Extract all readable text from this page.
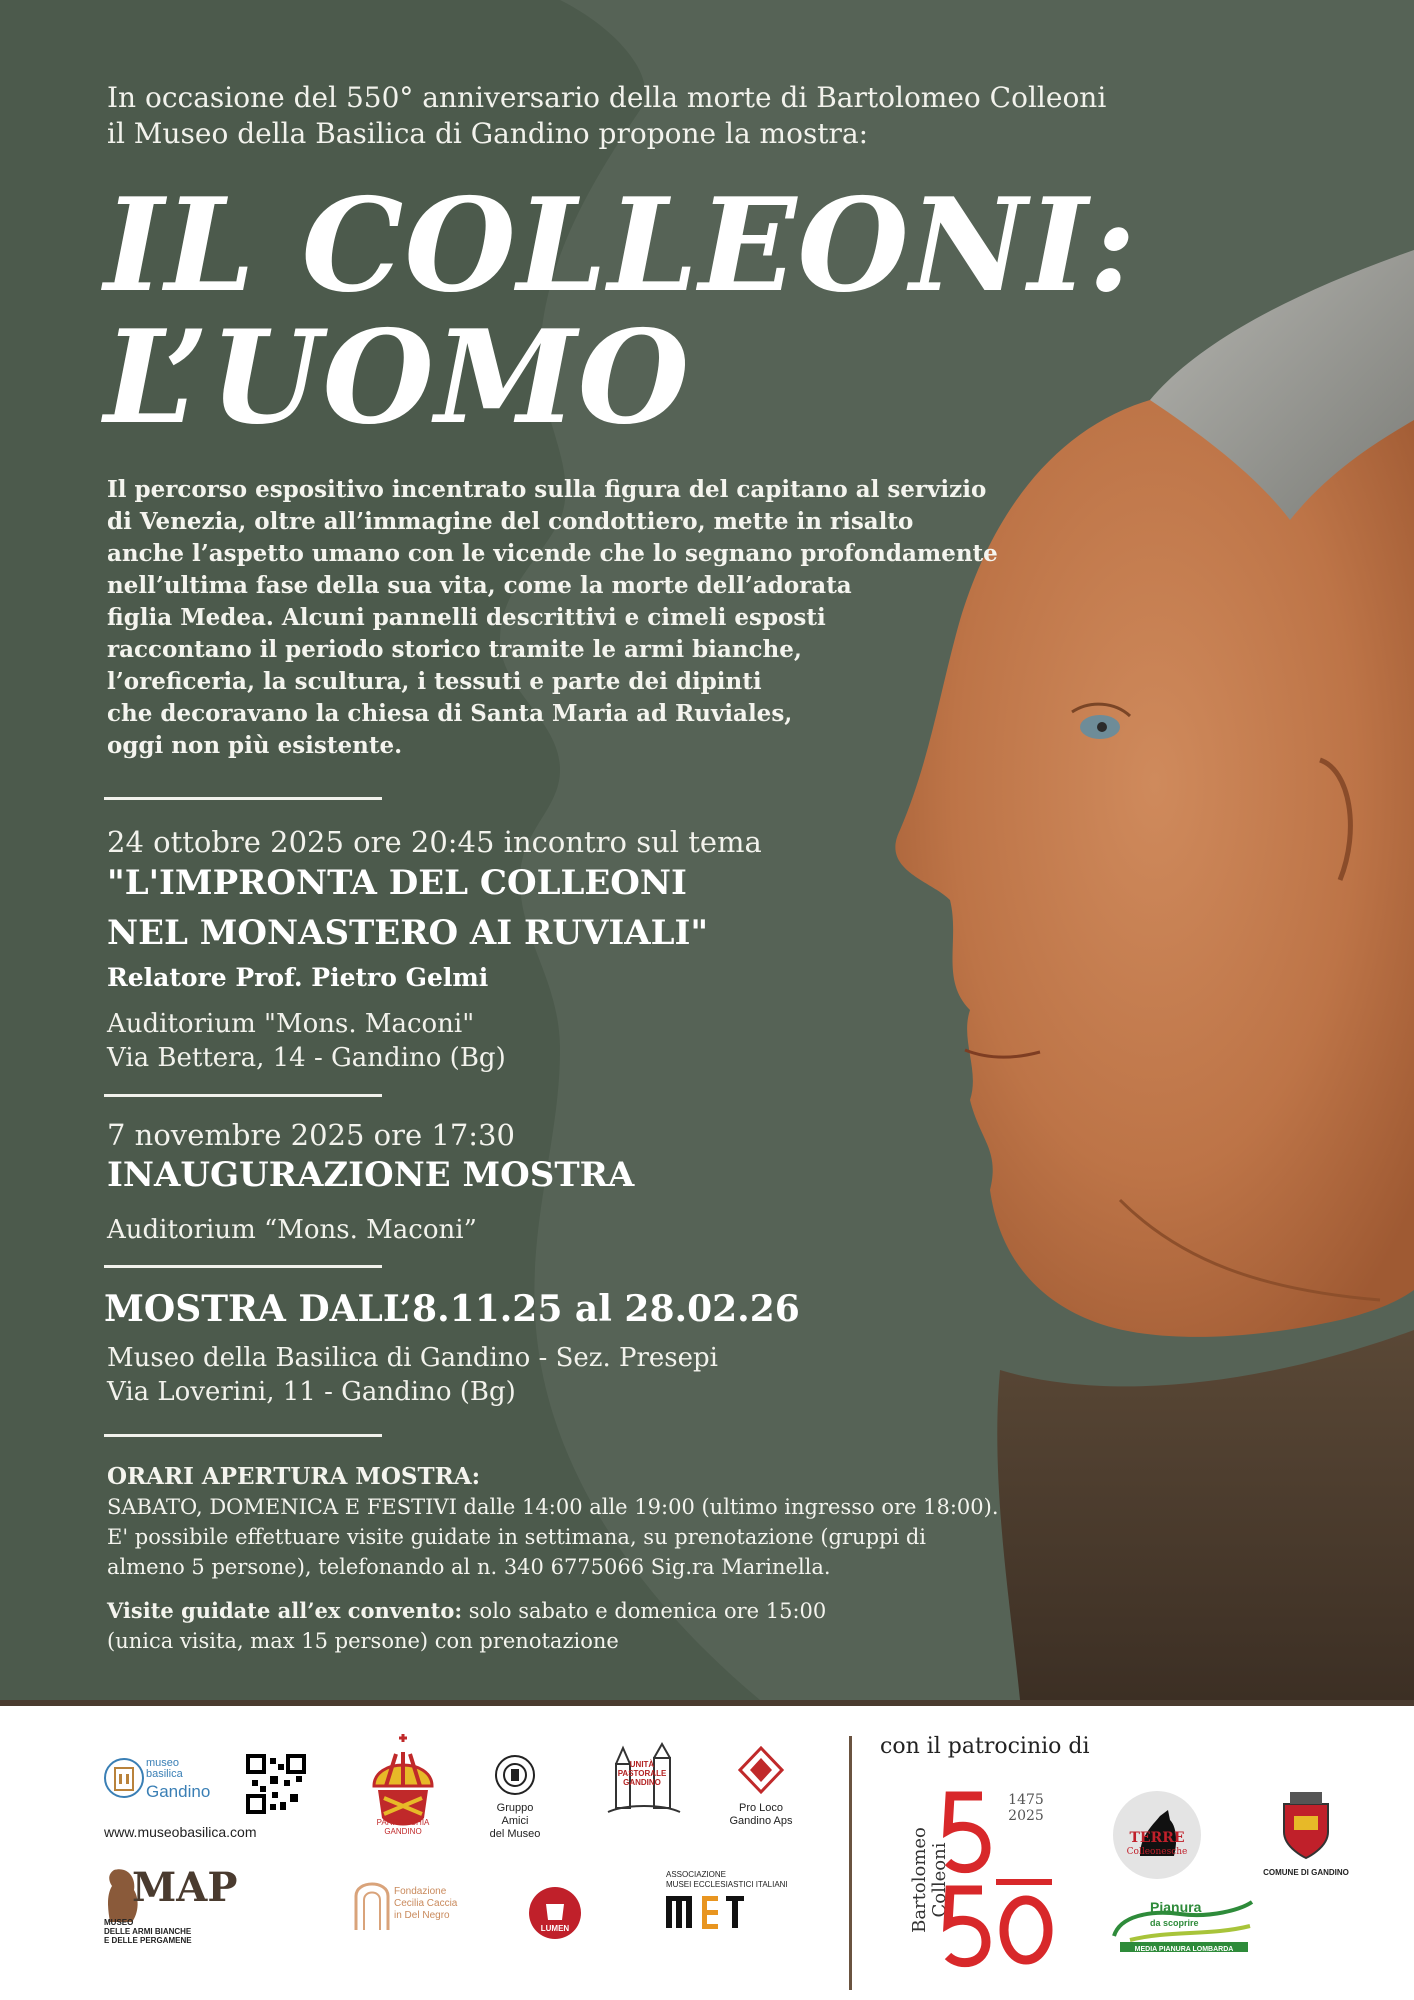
In occasione del 550° anniversario della morte di Bartolomeo Colleoni
il Museo della Basilica di Gandino propone la mostra:

IL COLLEONI:
L’UOMO

Il percorso espositivo incentrato sulla figura del capitano al servizio
di Venezia, oltre all’immagine del condottiero, mette in risalto
anche l’aspetto umano con le vicende che lo segnano profondamente
nell’ultima fase della sua vita, come la morte dell’adorata
figlia Medea. Alcuni pannelli descrittivi e cimeli esposti
raccontano il periodo storico tramite le armi bianche,
l’oreficeria, la scultura, i tessuti e parte dei dipinti
che decoravano la chiesa di Santa Maria ad Ruviales,
oggi non più esistente.

24 ottobre 2025 ore 20:45 incontro sul tema

"L'IMPRONTA DEL COLLEONI

NEL MONASTERO AI RUVIALI"

Relatore Prof. Pietro Gelmi

Auditorium "Mons. Maconi"

Via Bettera, 14 - Gandino (Bg)

7 novembre 2025 ore 17:30

INAUGURAZIONE MOSTRA

Auditorium “Mons. Maconi”

MOSTRA DALL’8.11.25 al 28.02.26

Museo della Basilica di Gandino - Sez. Presepi

Via Loverini, 11 - Gandino (Bg)

ORARI APERTURA MOSTRA:
SABATO, DOMENICA E FESTIVI dalle 14:00 alle 19:00 (ultimo ingresso ore 18:00).
E' possibile effettuare visite guidate in settimana, su prenotazione (gruppi di
almeno 5 persone), telefonando al n. 340 6775066 Sig.ra Marinella.

Visite guidate all’ex convento: solo sabato e domenica ore 15:00
(unica visita, max 15 persone) con prenotazione
museo
basilica
Gandino
www.museobasilica.com
PARROCCHIA
GANDINO
Gruppo Amici
del Museo
UNITÀ
PASTORALE
GANDINO
Pro Loco
Gandino Aps
MAP
MUSEO
DELLE ARMI BIANCHE
E DELLE PERGAMENE
Fondazione
Cecilia Caccia
in Del Negro
LUMEN
ASSOCIAZIONE
MUSEI ECCLESIASTICI ITALIANI
con il patrocinio di
Bartolomeo
Colleoni
1475
2025
TERRE
Colleonesche
COMUNE DI GANDINO
Pianura
da scoprire
MEDIA PIANURA LOMBARDA
